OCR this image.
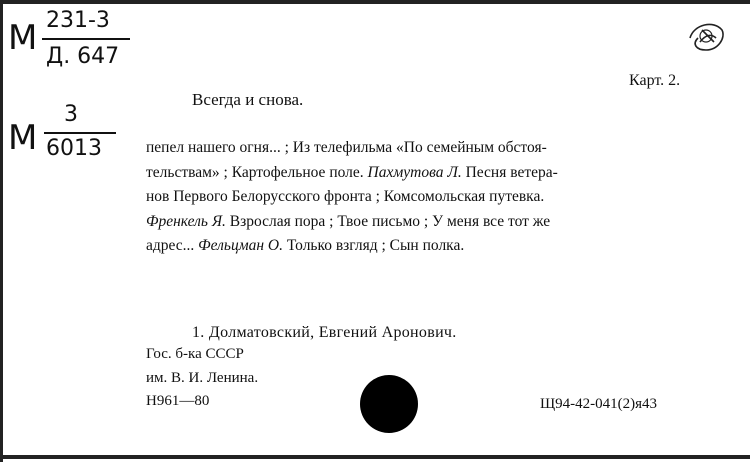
М 231-3
Д. 647
М
3
6013
Карт. 2.
Всегда и снова.
пепел нашего огня... ; Из телефильма «По семейным обстоя-
тельствам» ; Картофельное поле. Пахмутова Л. Песня ветера-
нов Первого Белорусского фронта ; Комсомольская путевка.
Френкель Я. Взрослая пора ; Твое письмо ; У меня все тот же
адрес... Фельцман О. Только взгляд ; Сын полка.
1. Долматовский, Евгений Аронович.
Гос. б-ка СССР
им. В. И. Ленина.
Н961—80	Щ94-42-041(2)я43
